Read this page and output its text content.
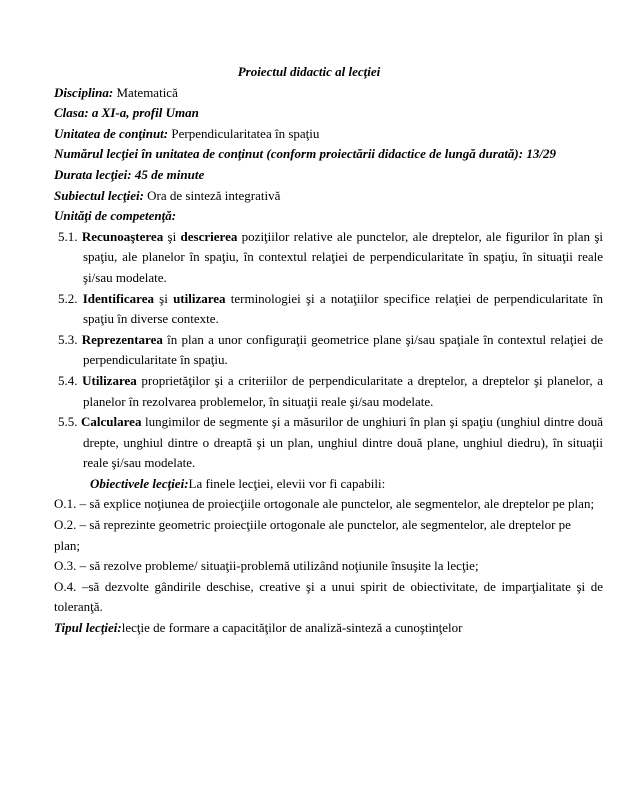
Proiectul didactic al lecţiei
Disciplina: Matematică
Clasa: a XI-a, profil Uman
Unitatea de conţinut: Perpendicularitatea în spaţiu
Numărul lecţiei în unitatea de conţinut (conform proiectării didactice de lungă durată): 13/29
Durata lecţiei: 45 de minute
Subiectul lecţiei: Ora de sinteză integrativă
Unităţi de competenţă:
5.1. Recunoaşterea şi descrierea poziţiilor relative ale punctelor, ale dreptelor, ale figurilor în plan şi spaţiu, ale planelor în spaţiu, în contextul relaţiei de perpendicularitate în spaţiu, în situaţii reale şi/sau modelate.
5.2. Identificarea şi utilizarea terminologiei şi a notaţiilor specifice relaţiei de perpendicularitate în spaţiu în diverse contexte.
5.3. Reprezentarea în plan a unor configuraţii geometrice plane şi/sau spaţiale în contextul relaţiei de perpendicularitate în spaţiu.
5.4. Utilizarea proprietăţilor şi a criteriilor de perpendicularitate a dreptelor, a dreptelor şi planelor, a planelor în rezolvarea problemelor, în situaţii reale şi/sau modelate.
5.5. Calcularea lungimilor de segmente şi a măsurilor de unghiuri în plan şi spaţiu (unghiul dintre două drepte, unghiul dintre o dreaptă şi un plan, unghiul dintre două plane, unghiul diedru), în situaţii reale şi/sau modelate.
Obiectivele lecţiei:La finele lecţiei, elevii vor fi capabili:
O.1. – să explice noţiunea de proiecţiile ortogonale ale punctelor, ale segmentelor, ale dreptelor pe plan;
O.2. – să reprezinte geometric proiecţiile ortogonale ale punctelor, ale segmentelor, ale dreptelor pe
plan;
O.3. – să rezolve probleme/ situaţii-problemă utilizând noţiunile însuşite la lecţie;
O.4. –să dezvolte gândirile deschise, creative şi a unui spirit de obiectivitate, de imparţialitate şi de toleranţă.
Tipul lecţiei:lecţie de formare a capacităţilor de analiză-sinteză a cunoştinţelor
